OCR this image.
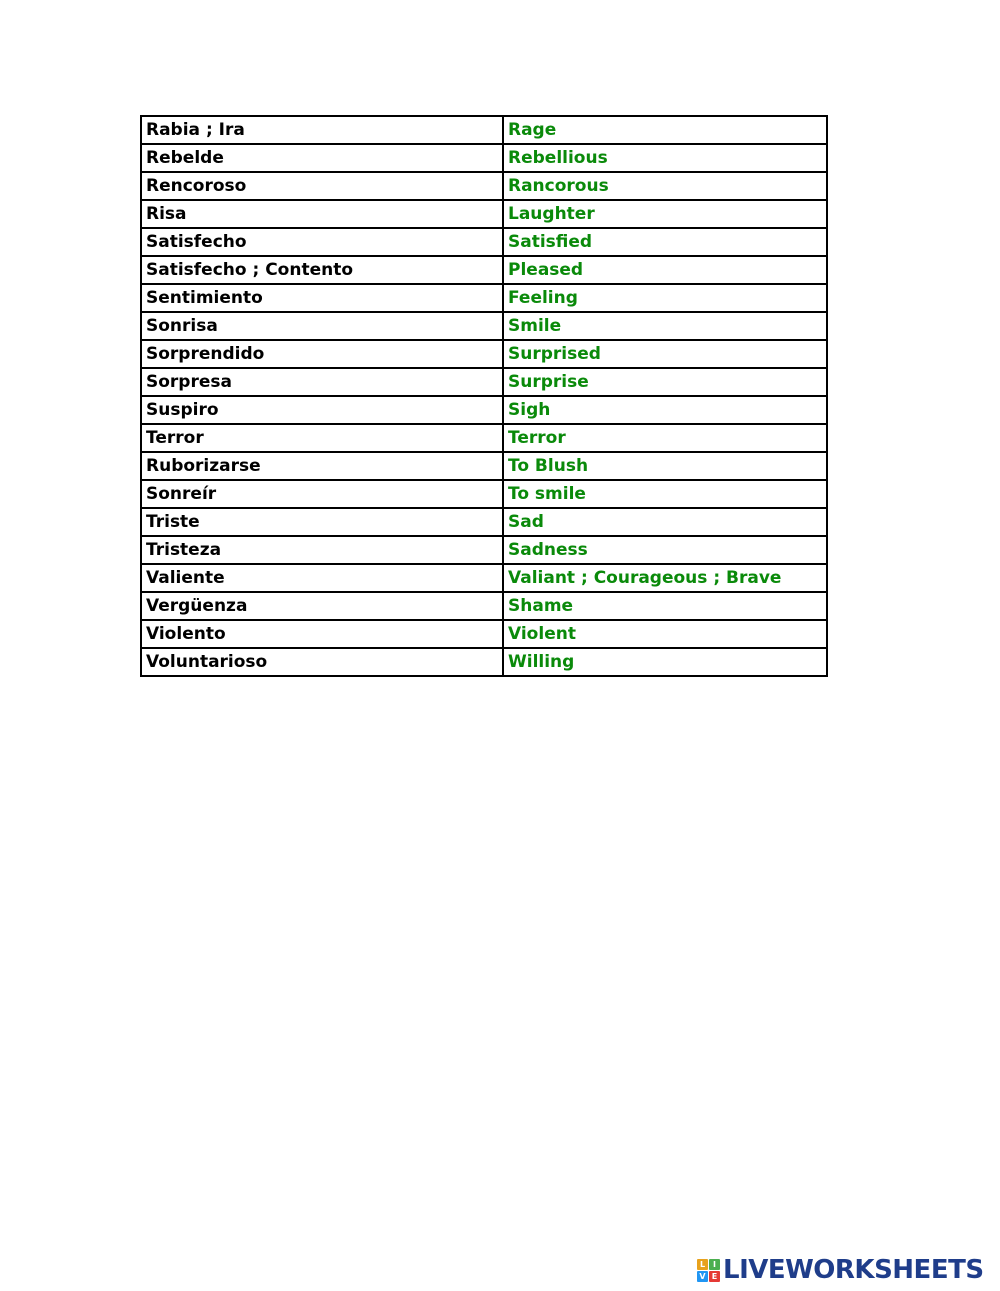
Rabia ; Ira	Rage
Rebelde	Rebellious
Rencoroso	Rancorous
Risa	Laughter
Satisfecho	Satisfied
Satisfecho ; Contento	Pleased
Sentimiento	Feeling
Sonrisa	Smile
Sorprendido	Surprised
Sorpresa	Surprise
Suspiro	Sigh
Terror	Terror
Ruborizarse	To Blush
Sonreír	To smile
Triste	Sad
Tristeza	Sadness
Valiente	Valiant ; Courageous ; Brave
Vergüenza	Shame
Violento	Violent
Voluntarioso	Willing
L I
V E LIVEWORKSHEETS
